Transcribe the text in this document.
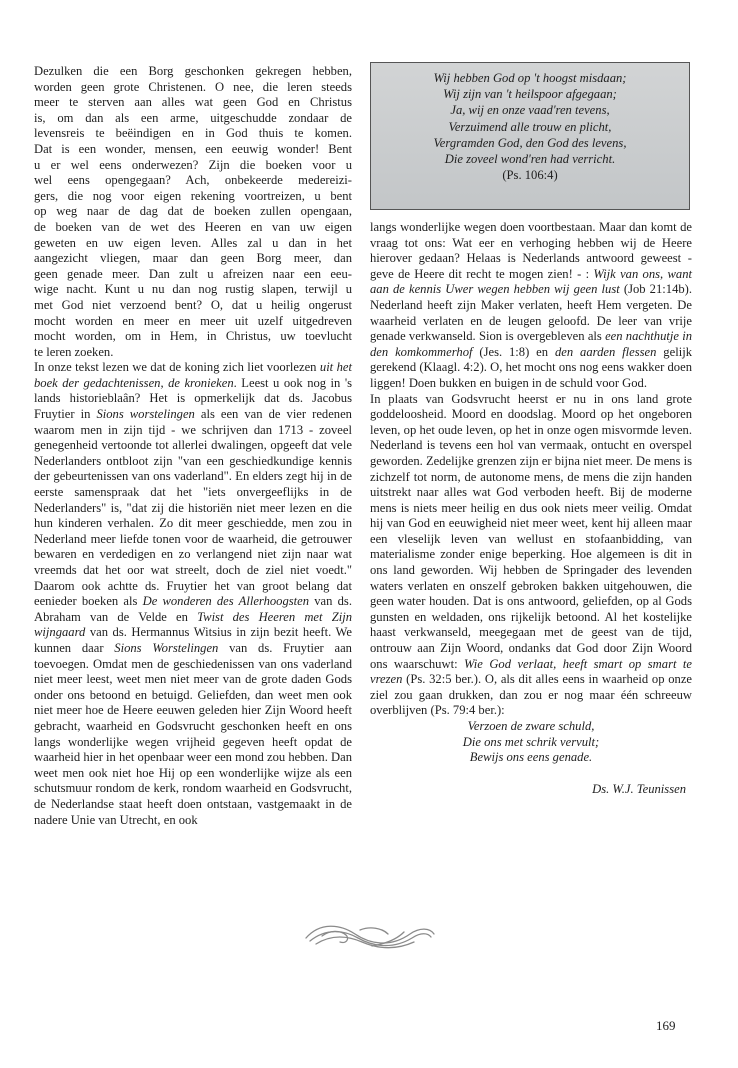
Dezulken die een Borg geschonken gekregen hebben,
worden geen grote Christenen. O nee, die leren steeds
meer te sterven aan alles wat geen God en Christus
is, om dan als een arme, uitgeschudde zondaar de
levensreis te beëindigen en in God thuis te komen.
Dat is een wonder, mensen, een eeuwig wonder! Bent
u er wel eens onderwezen? Zijn die boeken voor u
wel eens opengegaan? Ach, onbekeerde medereizi-
gers, die nog voor eigen rekening voortreizen, u bent
op weg naar de dag dat de boeken zullen opengaan,
de boeken van de wet des Heeren en van uw eigen
geweten en uw eigen leven. Alles zal u dan in het
aangezicht vliegen, maar dan geen Borg meer, dan
geen genade meer. Dan zult u afreizen naar een eeu-
wige nacht. Kunt u nu dan nog rustig slapen, terwijl u
met God niet verzoend bent? O, dat u heilig ongerust
mocht worden en meer en meer uit uzelf uitgedreven
mocht worden, om in Hem, in Christus, uw toevlucht
te leren zoeken.

In onze tekst lezen we dat de koning zich liet voorlezen uit het boek der gedachtenissen, de kronieken. Leest u ook nog in 's lands historieblaân? Het is opmerkelijk dat ds. Jacobus Fruytier in Sions worstelingen als een van de vier redenen waarom men in zijn tijd - we schrijven dan 1713 - zoveel genegenheid vertoonde tot allerlei dwalingen, opgeeft dat vele Nederlanders ontbloot zijn "van een geschiedkundige kennis der gebeurtenissen van ons vaderland". En elders zegt hij in de eerste samenspraak dat het "iets onvergeeflijks in de Nederlanders" is, "dat zij die historiën niet meer lezen en die hun kinderen verhalen. Zo dit meer geschiedde, men zou in Nederland meer liefde tonen voor de waarheid, die getrouwer bewaren en verdedigen en zo verlangend niet zijn naar wat vreemds dat het oor wat streelt, doch de ziel niet voedt." Daarom ook achtte ds. Fruytier het van groot belang dat eenieder boeken als De wonderen des Allerhoogsten van ds. Abraham van de Velde en Twist des Heeren met Zijn wijngaard van ds. Hermannus Witsius in zijn bezit heeft. We kunnen daar Sions Worstelingen van ds. Fruytier aan toevoegen. Omdat men de geschiedenissen van ons vaderland niet meer leest, weet men niet meer van de grote daden Gods onder ons betoond en betuigd. Geliefden, dan weet men ook niet meer hoe de Heere eeuwen geleden hier Zijn Woord heeft gebracht, waarheid en Godsvrucht geschonken heeft en ons langs wonderlijke wegen vrijheid gegeven heeft opdat de waarheid hier in het openbaar weer een mond zou hebben. Dan weet men ook niet hoe Hij op een wonderlijke wijze als een schutsmuur rondom de kerk, rondom waarheid en Godsvrucht, de Nederlandse staat heeft doen ontstaan, vastgemaakt in de nadere Unie van Utrecht, en ook

Wij hebben God op 't hoogst misdaan;
Wij zijn van 't heilspoor afgegaan;
Ja, wij en onze vaad'ren tevens,
Verzuimend alle trouw en plicht,
Vergramden God, den God des levens,
Die zoveel wond'ren had verricht.
(Ps. 106:4)

langs wonderlijke wegen doen voortbestaan. Maar dan komt de vraag tot ons: Wat eer en verhoging hebben wij de Heere hierover gedaan? Helaas is Nederlands antwoord geweest - geve de Heere dit recht te mogen zien! - : Wijk van ons, want aan de kennis Uwer wegen hebben wij geen lust (Job 21:14b). Nederland heeft zijn Maker verlaten, heeft Hem vergeten. De waarheid verlaten en de leugen geloofd. De leer van vrije genade verkwanseld. Sion is overgebleven als een nachthutje in den komkommerhof (Jes. 1:8) en den aarden flessen gelijk gerekend (Klaagl. 4:2). O, het mocht ons nog eens wakker doen liggen! Doen bukken en buigen in de schuld voor God.

In plaats van Godsvrucht heerst er nu in ons land grote goddeloosheid. Moord en doodslag. Moord op het ongeboren leven, op het oude leven, op het in onze ogen misvormde leven. Nederland is tevens een hol van vermaak, ontucht en overspel geworden. Zedelijke grenzen zijn er bijna niet meer. De mens is zichzelf tot norm, de autonome mens, de mens die zijn handen uitstrekt naar alles wat God verboden heeft. Bij de moderne mens is niets meer heilig en dus ook niets meer veilig. Omdat hij van God en eeuwigheid niet meer weet, kent hij alleen maar een vleselijk leven van wellust en stofaanbidding, van materialisme zonder enige beperking. Hoe algemeen is dit in ons land geworden. Wij hebben de Springader des levenden waters verlaten en onszelf gebroken bakken uitgehouwen, die geen water houden. Dat is ons antwoord, geliefden, op al Gods gunsten en weldaden, ons rijkelijk betoond. Al het kostelijke haast verkwanseld, meegegaan met de geest van de tijd, ontrouw aan Zijn Woord, ondanks dat God door Zijn Woord ons waarschuwt: Wie God verlaat, heeft smart op smart te vrezen (Ps. 32:5 ber.). O, als dit alles eens in waarheid op onze ziel zou gaan drukken, dan zou er nog maar één schreeuw overblijven (Ps. 79:4 ber.):

Verzoen de zware schuld,
Die ons met schrik vervult;
Bewijs ons eens genade.
Ds. W.J. Teunissen
169
